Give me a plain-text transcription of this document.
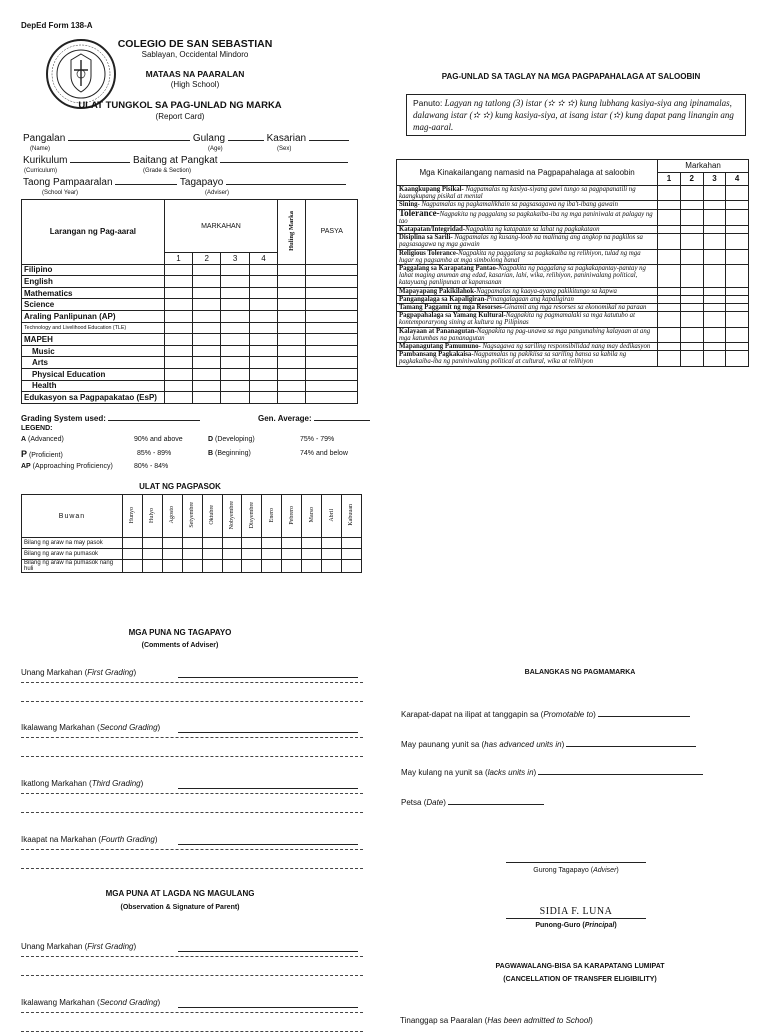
DepEd Form 138-A
COLEGIO DE SAN SEBASTIAN
Sablayan, Occidental Mindoro
MATAAS NA PAARALAN
(High School)
ULAT TUNGKOL SA PAG-UNLAD NG MARKA
(Report Card)
Pangalan	Gulang	Kasarian
(Name)	(Age)	(Sex)
Kurikulum	Baitang at Pangkat
(Curriculum)	(Grade & Section)
Taong Pampaaralan	Tagapayo
(School Year)	(Adviser)
Larangan ng Pag-aaral	MARKAHAN				Huling Marka	PASYA
	1	2	3	4		
Filipino						
English						
Mathematics						
Science						
Araling Panlipunan (AP)						
Technology and Livelihood Education (TLE)						
MAPEH						
Music						
Arts						
Physical Education						
Health						
Edukasyon sa Pagpapakatao (EsP)						
Grading System used:	Gen. Average:
LEGEND:
A (Advanced)	90% and above	D (Developing)	75% - 79%
P (Proficient)	85% - 89%	B (Beginning)	74% and below
AP (Approaching Proficiency)	80% - 84%
ULAT NG PAGPASOK
Buwan	Hunyo	Hulyo	Agosto	Setyembre	Oktubre	Nobyembre	Disyembre	Enero	Pebrero	Marso	Abril	Kabuuan
Bilang ng araw na may pasok												
Bilang ng araw na pumasok												
Bilang ng araw na pumasok nang huli												
MGA PUNA NG TAGAPAYO
(Comments of Adviser)
Unang Markahan (First Grading)
Ikalawang Markahan (Second Grading)
Ikatlong Markahan (Third Grading)
Ikaapat na Markahan (Fourth Grading)
MGA PUNA AT LAGDA NG MAGULANG
(Observation & Signature of Parent)
Unang Markahan (First Grading)
Ikalawang Markahan (Second Grading)
PAG-UNLAD SA TAGLAY NA MGA PAGPAPAHALAGA AT SALOOBIN
Panuto: Lagyan ng tatlong (3) istar (✫ ✫ ✫) kung lubhang kasiya-siya ang ipinamalas, dalawang istar (✫ ✫) kung kasiya-siya, at isang istar (✫) kung dapat pang linangin ang mag-aaral.
Mga Kinakailangang namasid na Pagpapahalaga at saloobin	Markahan			
	1	2	3	4
Kaangkupang Pisikal- Nagpamalas ng kasiya-siyang gawi tungo sa pagpapanatili ng kaangkupang pisikal at mental				
Sining- Nagpamalas ng pagkamalikhain sa pagsasagawa ng iba't-ibang gawain				
Tolerance-Nagpakita ng paggalang sa pagkakaiba-iba ng mga paniniwala at palagay ng tao				
Katapatan/Integridad-Nagpakita ng katapatan sa lahat ng pagkakataon				
Disiplina sa Sarili- Nagpamalas ng kusang-loob na malinang ang angkop na pagkilos sa pagsasagawa ng mga gawain				
Religious Tolerance-Nagpakita ng paggalang sa pagkakaiba ng relihiyon, tulad ng mga lugar ng pagsamba at mga simbolong banal				
Paggalang sa Karapatang Pantao-Nagpakita ng paggalang sa pagkakapantay-pantay ng lahat maging anuman ang edad, kasarian, lahi, wika, relihiyon, paniniwalang political, katayuang panlipunan at kapansanan				
Mapayapang Pakikilahok-Nagpamalas ng kaaya-ayang pakikitungo sa kapwa				
Pangangalaga sa Kapaligiran-Pinangalagaan ang kapaligiran				
Tamang Paggamit ng mga Resorses-Ginamit ang mga resorses sa ekonomikal na paraan				
Pagpapahalaga sa Yamang Kultural-Nagpakita ng pagmamalaki sa mga katutubo at kontemporaryong sining at kultura ng Pilipinas				
Kalayaan at Pananagutan-Nagpakita ng pag-unawa sa mga pangunahing kalayaan at ang mga katumbas na pananagutan				
Mapanagutang Pamumuno- Nagsagawa ng sariling responsibilidad nang may dedikasyon				
Pambansang Pagkakaisa-Nagpamalas ng pakikiisa sa sariling bansa sa kabila ng pagkakaiba-iba ng paniniwalang political at cultural, wika at relihiyon				
BALANGKAS NG PAGMAMARKA
Karapat-dapat na ilipat at tanggapin sa (Promotable to)
May paunang yunit sa (has advanced units in)
May kulang na yunit sa (lacks units in)
Petsa (Date)
Gurong Tagapayo (Adviser)
SIDIA F. LUNA
Punong-Guro (Principal)
PAGWAWALANG-BISA SA KARAPATANG LUMIPAT
(CANCELLATION OF TRANSFER ELIGIBILITY)
Tinanggap sa Paaralan (Has been admitted to School)
